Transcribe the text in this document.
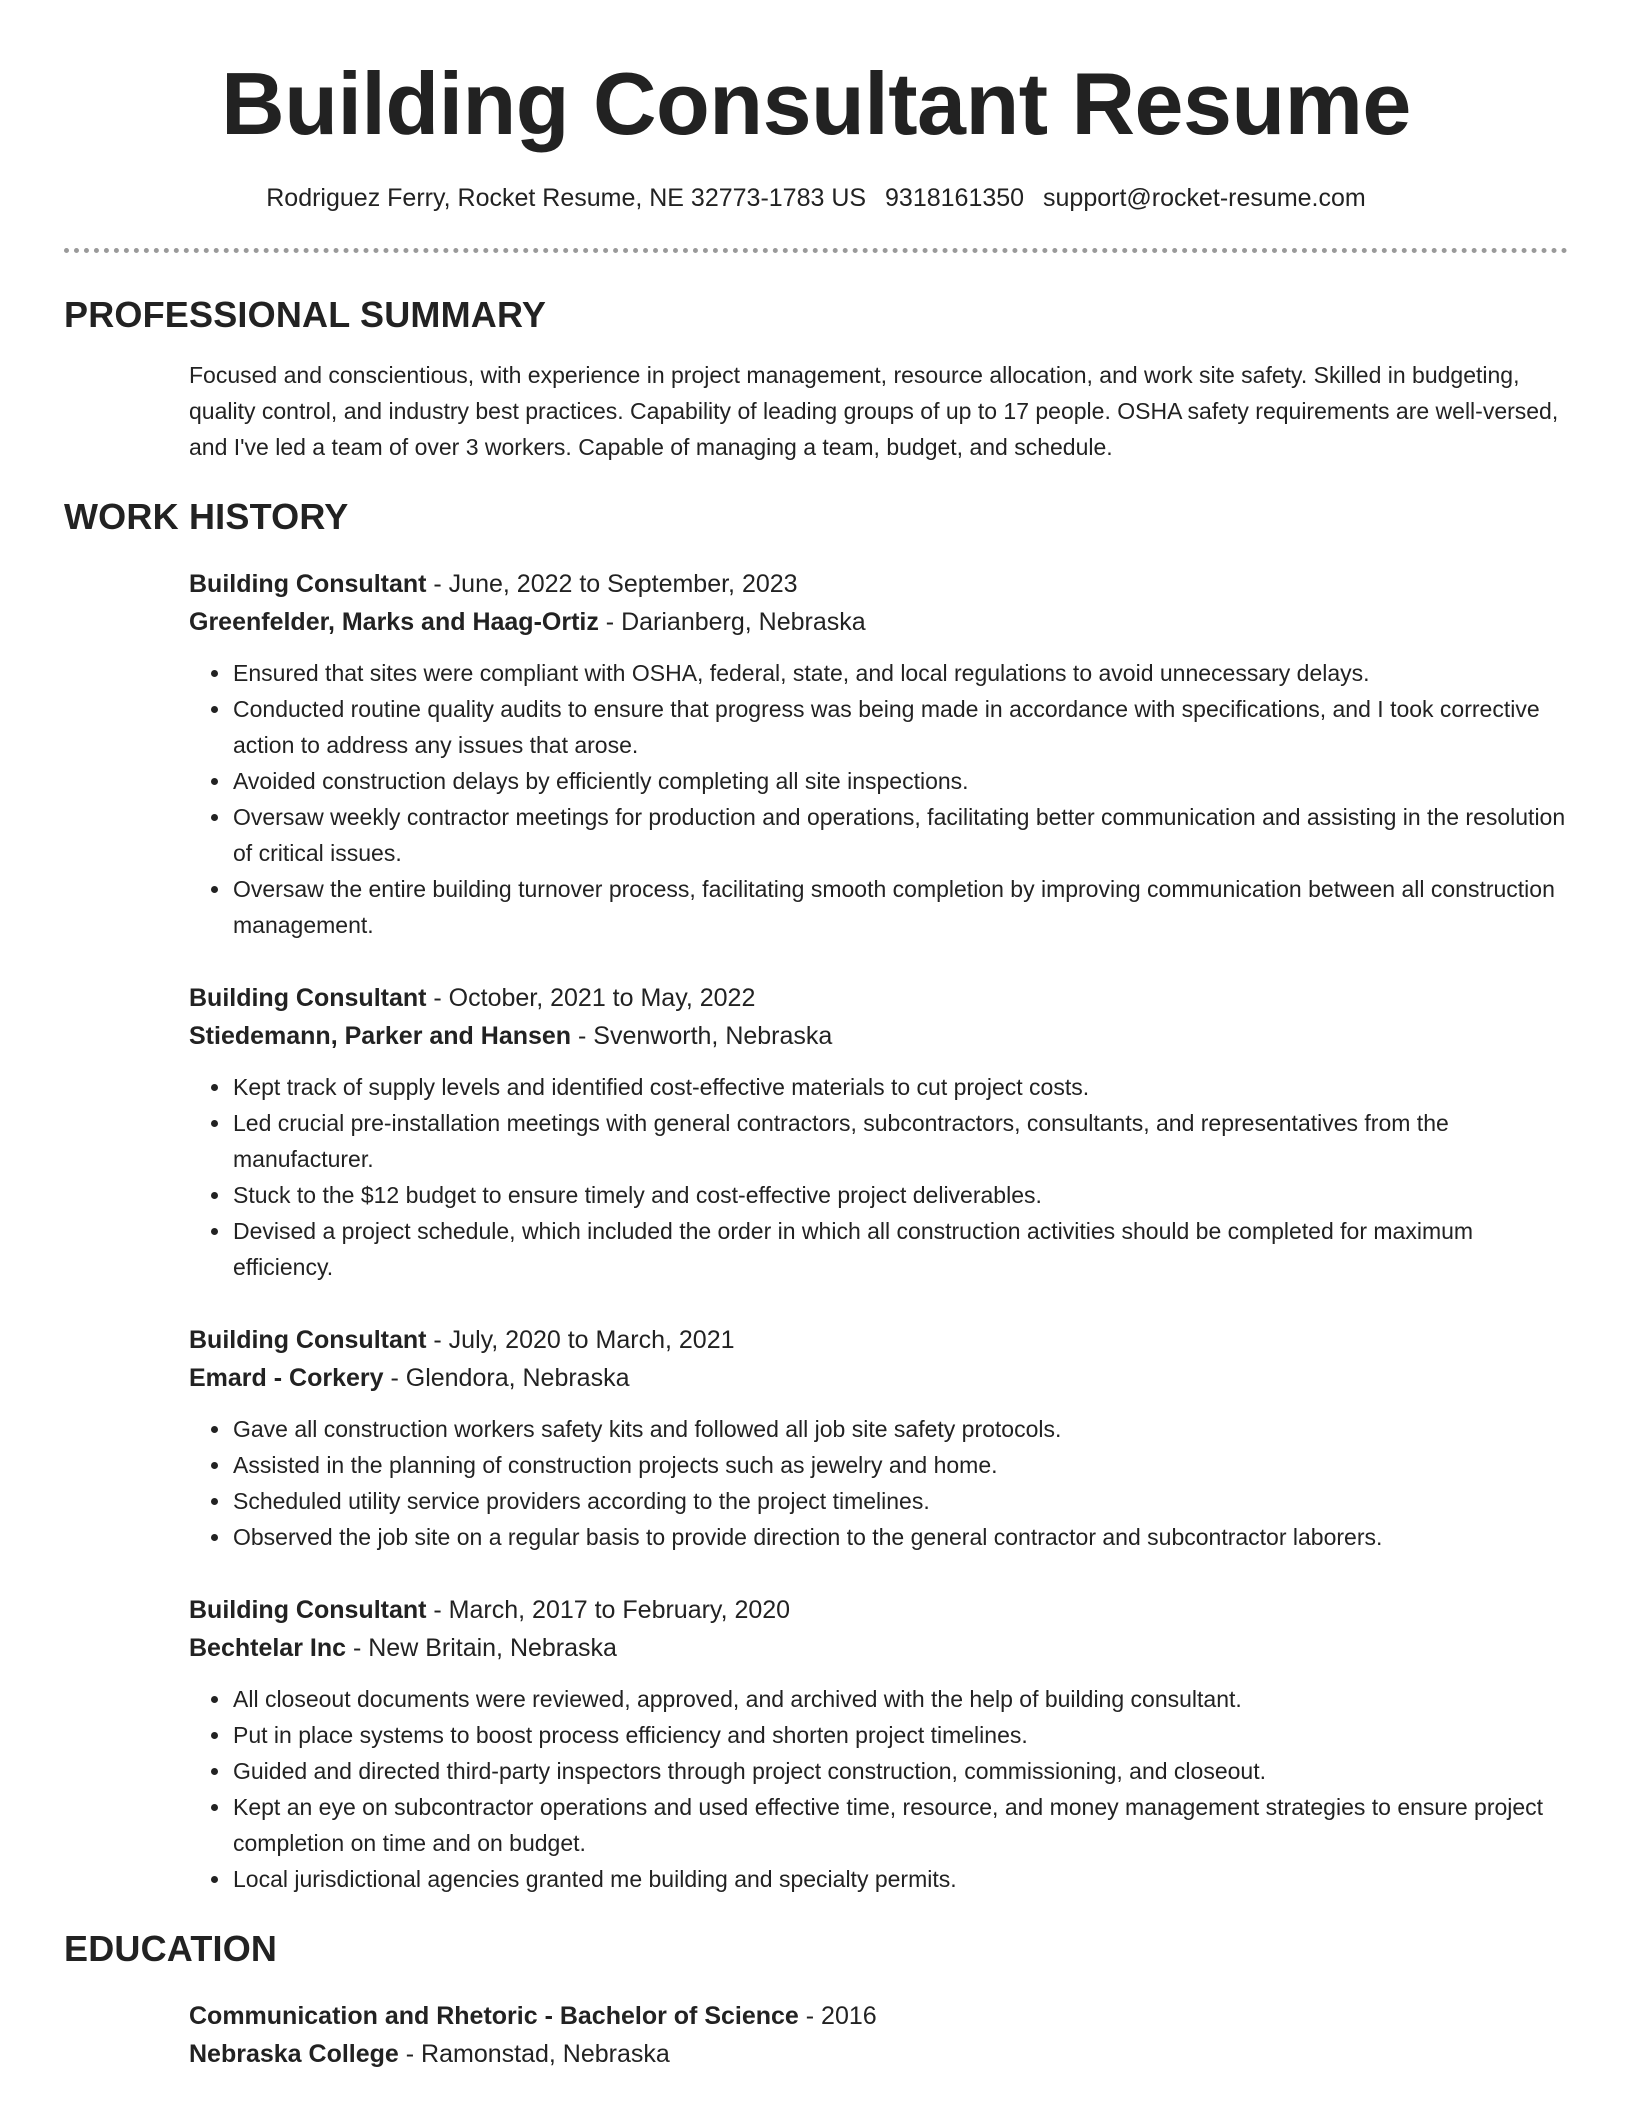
Building Consultant Resume
Rodriguez Ferry, Rocket Resume, NE 32773-1783 US 9318161350 support@rocket-resume.com
PROFESSIONAL SUMMARY
Focused and conscientious, with experience in project management, resource allocation, and work site safety. Skilled in budgeting, quality control, and industry best practices. Capability of leading groups of up to 17 people. OSHA safety requirements are well-versed, and I've led a team of over 3 workers. Capable of managing a team, budget, and schedule.
WORK HISTORY
Building Consultant - June, 2022 to September, 2023
Greenfelder, Marks and Haag-Ortiz - Darianberg, Nebraska
• Ensured that sites were compliant with OSHA, federal, state, and local regulations to avoid unnecessary delays.
• Conducted routine quality audits to ensure that progress was being made in accordance with specifications, and I took corrective action to address any issues that arose.
• Avoided construction delays by efficiently completing all site inspections.
• Oversaw weekly contractor meetings for production and operations, facilitating better communication and assisting in the resolution of critical issues.
• Oversaw the entire building turnover process, facilitating smooth completion by improving communication between all construction management.
Building Consultant - October, 2021 to May, 2022
Stiedemann, Parker and Hansen - Svenworth, Nebraska
• Kept track of supply levels and identified cost-effective materials to cut project costs.
• Led crucial pre-installation meetings with general contractors, subcontractors, consultants, and representatives from the manufacturer.
• Stuck to the $12 budget to ensure timely and cost-effective project deliverables.
• Devised a project schedule, which included the order in which all construction activities should be completed for maximum efficiency.
Building Consultant - July, 2020 to March, 2021
Emard - Corkery - Glendora, Nebraska
• Gave all construction workers safety kits and followed all job site safety protocols.
• Assisted in the planning of construction projects such as jewelry and home.
• Scheduled utility service providers according to the project timelines.
• Observed the job site on a regular basis to provide direction to the general contractor and subcontractor laborers.
Building Consultant - March, 2017 to February, 2020
Bechtelar Inc - New Britain, Nebraska
• All closeout documents were reviewed, approved, and archived with the help of building consultant.
• Put in place systems to boost process efficiency and shorten project timelines.
• Guided and directed third-party inspectors through project construction, commissioning, and closeout.
• Kept an eye on subcontractor operations and used effective time, resource, and money management strategies to ensure project completion on time and on budget.
• Local jurisdictional agencies granted me building and specialty permits.
EDUCATION
Communication and Rhetoric - Bachelor of Science - 2016
Nebraska College - Ramonstad, Nebraska
